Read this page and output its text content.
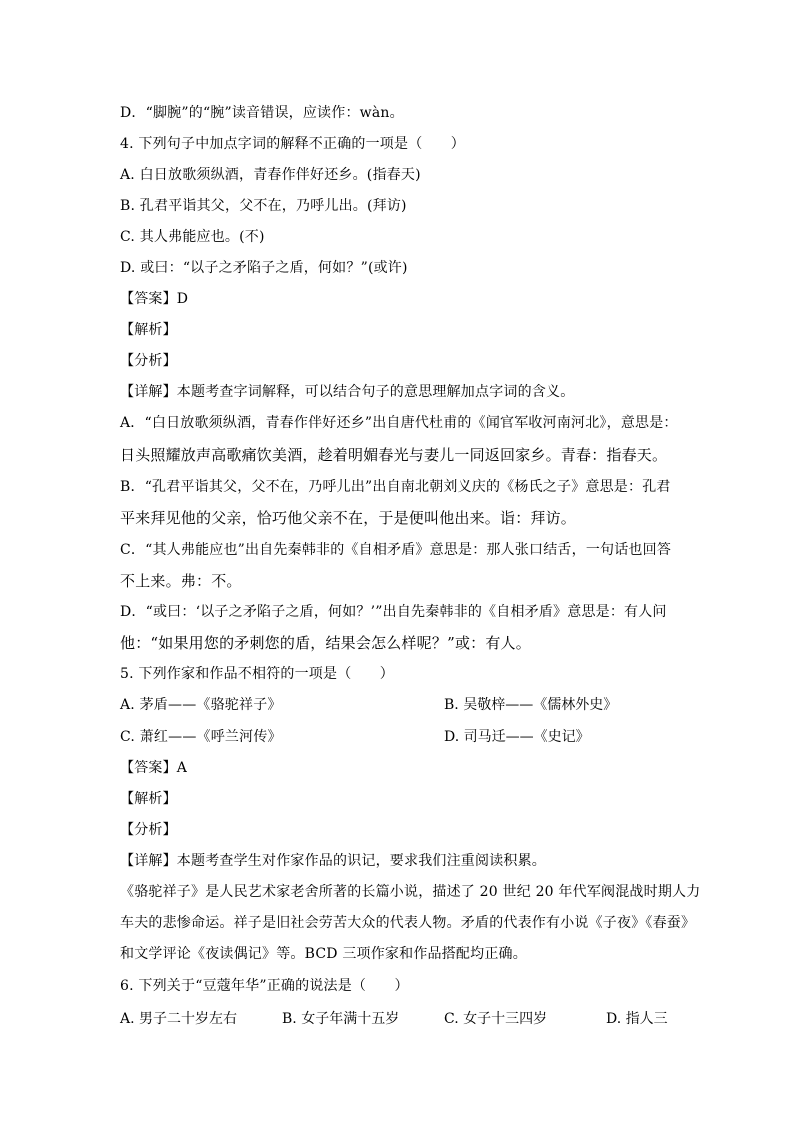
D．“脚腕”的“腕”读音错误，应读作：wàn。
4. 下列句子中加点字词的解释不正确的一项是（　　）
A. 白日放歌须纵酒，青春作伴好还乡。(指春天)
B. 孔君平诣其父，父不在，乃呼儿出。(拜访)
C. 其人弗能应也。(不)
D. 或曰：“以子之矛陷子之盾，何如？”(或许)
【答案】D
【解析】
【分析】
【详解】本题考查字词解释，可以结合句子的意思理解加点字词的含义。
A．“白日放歌须纵酒，青春作伴好还乡”出自唐代杜甫的《闻官军收河南河北》，意思是：
日头照耀放声高歌痛饮美酒，趁着明媚春光与妻儿一同返回家乡。青春：指春天。
B．“孔君平诣其父，父不在，乃呼儿出”出自南北朝刘义庆的《杨氏之子》意思是：孔君
平来拜见他的父亲，恰巧他父亲不在，于是便叫他出来。诣：拜访。
C．“其人弗能应也”出自先秦韩非的《自相矛盾》意思是：那人张口结舌，一句话也回答
不上来。弗：不。
D．“或曰：‘以子之矛陷子之盾，何如？’”出自先秦韩非的《自相矛盾》意思是：有人问
他：“如果用您的矛刺您的盾，结果会怎么样呢？”或：有人。
5. 下列作家和作品不相符的一项是（　　）
A. 茅盾——《骆驼祥子》	B. 吴敬梓——《儒林外史》
C. 萧红——《呼兰河传》	D. 司马迁——《史记》
【答案】A
【解析】
【分析】
【详解】本题考查学生对作家作品的识记，要求我们注重阅读积累。
《骆驼祥子》是人民艺术家老舍所著的长篇小说，描述了 20 世纪 20 年代军阀混战时期人力
车夫的悲惨命运。祥子是旧社会劳苦大众的代表人物。矛盾的代表作有小说《子夜》《春蚕》
和文学评论《夜读偶记》等。BCD 三项作家和作品搭配均正确。
6. 下列关于“豆蔻年华”正确的说法是（　　）
A. 男子二十岁左右	B. 女子年满十五岁	C. 女子十三四岁	D. 指人三
